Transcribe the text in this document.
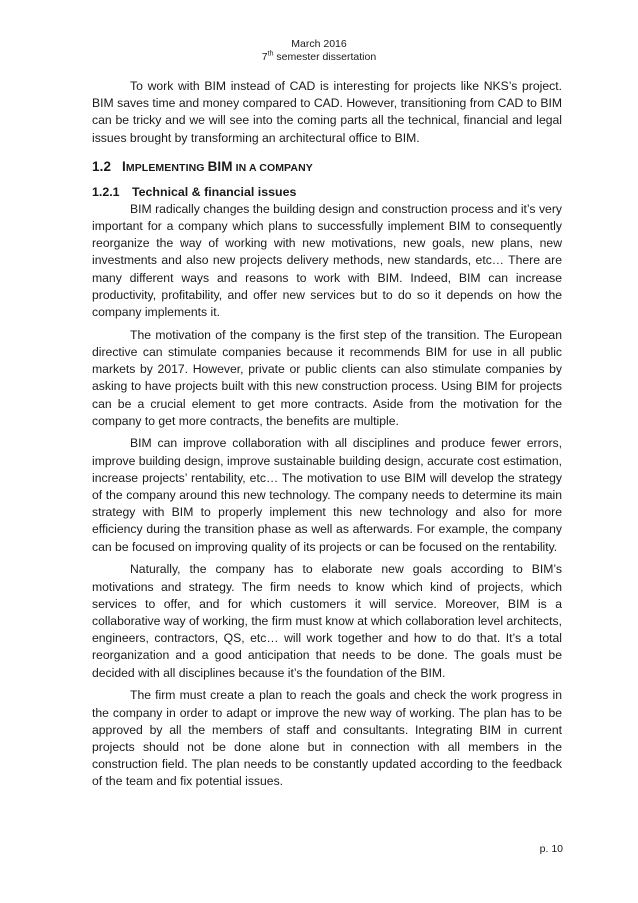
March 2016
7th semester dissertation

To work with BIM instead of CAD is interesting for projects like NKS’s project. BIM saves time and money compared to CAD. However, transitioning from CAD to BIM can be tricky and we will see into the coming parts all the technical, financial and legal issues brought by transforming an architectural office to BIM.

1.2 IMPLEMENTING BIM IN A COMPANY
1.2.1 Technical & financial issues

BIM radically changes the building design and construction process and it’s very important for a company which plans to successfully implement BIM to consequently reorganize the way of working with new motivations, new goals, new plans, new investments and also new projects delivery methods, new standards, etc… There are many different ways and reasons to work with BIM. Indeed, BIM can increase productivity, profitability, and offer new services but to do so it depends on how the company implements it.

The motivation of the company is the first step of the transition. The European directive can stimulate companies because it recommends BIM for use in all public markets by 2017. However, private or public clients can also stimulate companies by asking to have projects built with this new construction process. Using BIM for projects can be a crucial element to get more contracts. Aside from the motivation for the company to get more contracts, the benefits are multiple.

BIM can improve collaboration with all disciplines and produce fewer errors, improve building design, improve sustainable building design, accurate cost estimation, increase projects’ rentability, etc… The motivation to use BIM will develop the strategy of the company around this new technology. The company needs to determine its main strategy with BIM to properly implement this new technology and also for more efficiency during the transition phase as well as afterwards. For example, the company can be focused on improving quality of its projects or can be focused on the rentability.

Naturally, the company has to elaborate new goals according to BIM’s motivations and strategy. The firm needs to know which kind of projects, which services to offer, and for which customers it will service. Moreover, BIM is a collaborative way of working, the firm must know at which collaboration level architects, engineers, contractors, QS, etc… will work together and how to do that. It’s a total reorganization and a good anticipation that needs to be done. The goals must be decided with all disciplines because it’s the foundation of the BIM.

The firm must create a plan to reach the goals and check the work progress in the company in order to adapt or improve the new way of working. The plan has to be approved by all the members of staff and consultants. Integrating BIM in current projects should not be done alone but in connection with all members in the construction field. The plan needs to be constantly updated according to the feedback of the team and fix potential issues.

p. 10
